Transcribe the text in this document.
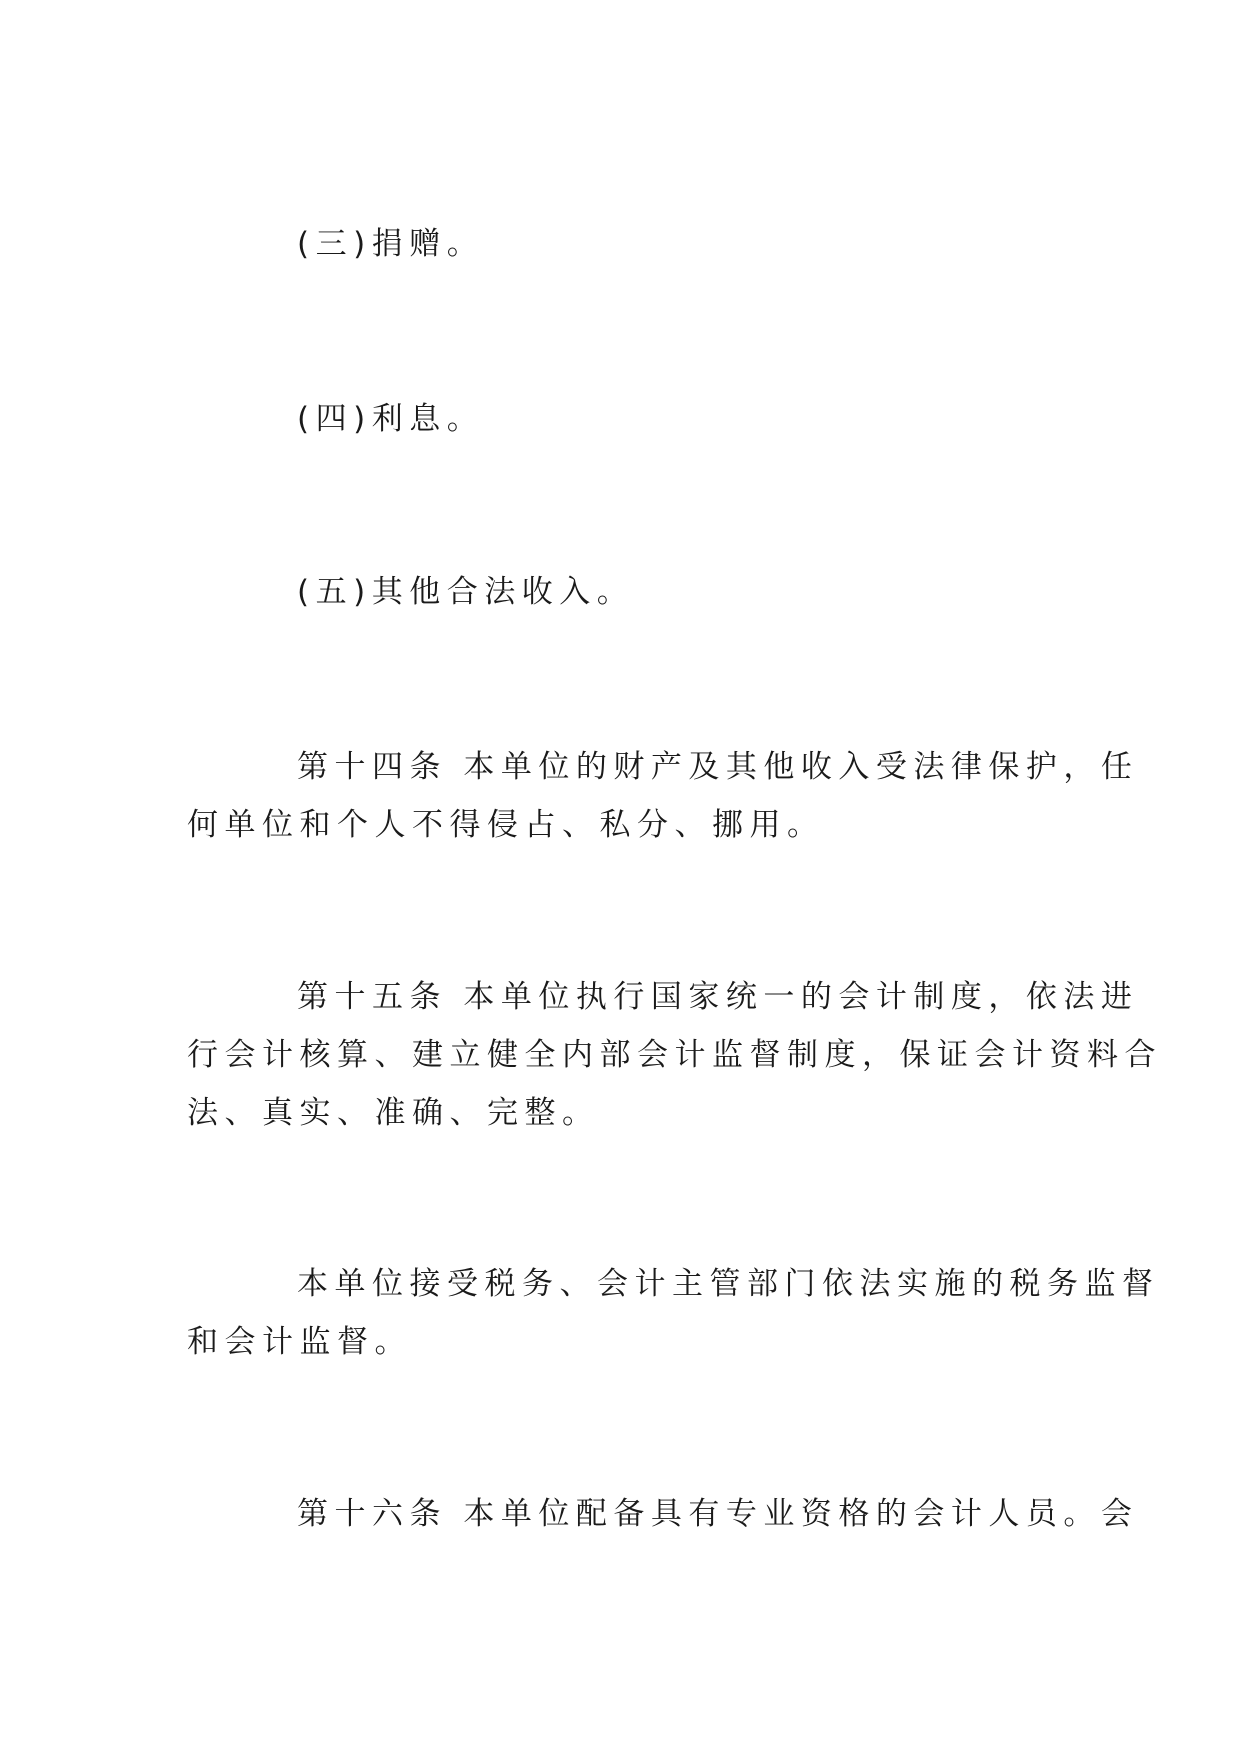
(三)捐赠。

(四)利息。

(五)其他合法收入。

第十四条 本单位的财产及其他收入受法律保护，任
何单位和个人不得侵占、私分、挪用。

第十五条 本单位执行国家统一的会计制度，依法进
行会计核算、建立健全内部会计监督制度，保证会计资料合
法、真实、准确、完整。

本单位接受税务、会计主管部门依法实施的税务监督
和会计监督。

第十六条 本单位配备具有专业资格的会计人员。会
